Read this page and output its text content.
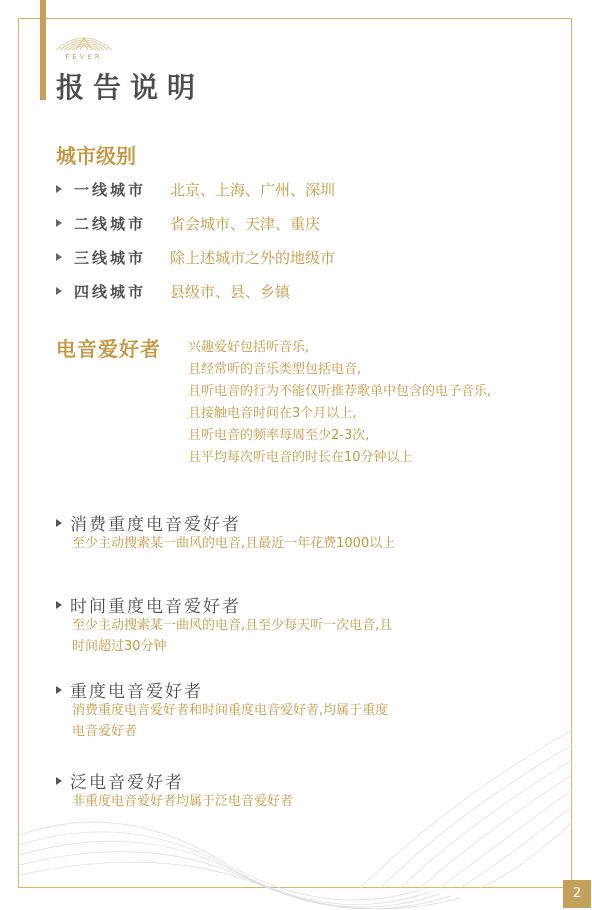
FEVER
报告说明
城市级别
一线城市	北京、上海、广州、深圳
二线城市	省会城市、天津、重庆
三线城市	除上述城市之外的地级市
四线城市	县级市、县、乡镇
电音爱好者 兴趣爱好包括听音乐,
且经常听的音乐类型包括电音,
且听电音的行为不能仅听推荐歌单中包含的电子音乐,
且接触电音时间在3个月以上,
且听电音的频率每周至少2-3次,
且平均每次听电音的时长在10分钟以上
消费重度电音爱好者
至少主动搜索某一曲风的电音,且最近一年花费1000以上
时间重度电音爱好者
至少主动搜索某一曲风的电音,且至少每天听一次电音,且
时间超过30分钟
重度电音爱好者
消费重度电音爱好者和时间重度电音爱好者,均属于重度
电音爱好者
泛电音爱好者
非重度电音爱好者均属于泛电音爱好者
2
